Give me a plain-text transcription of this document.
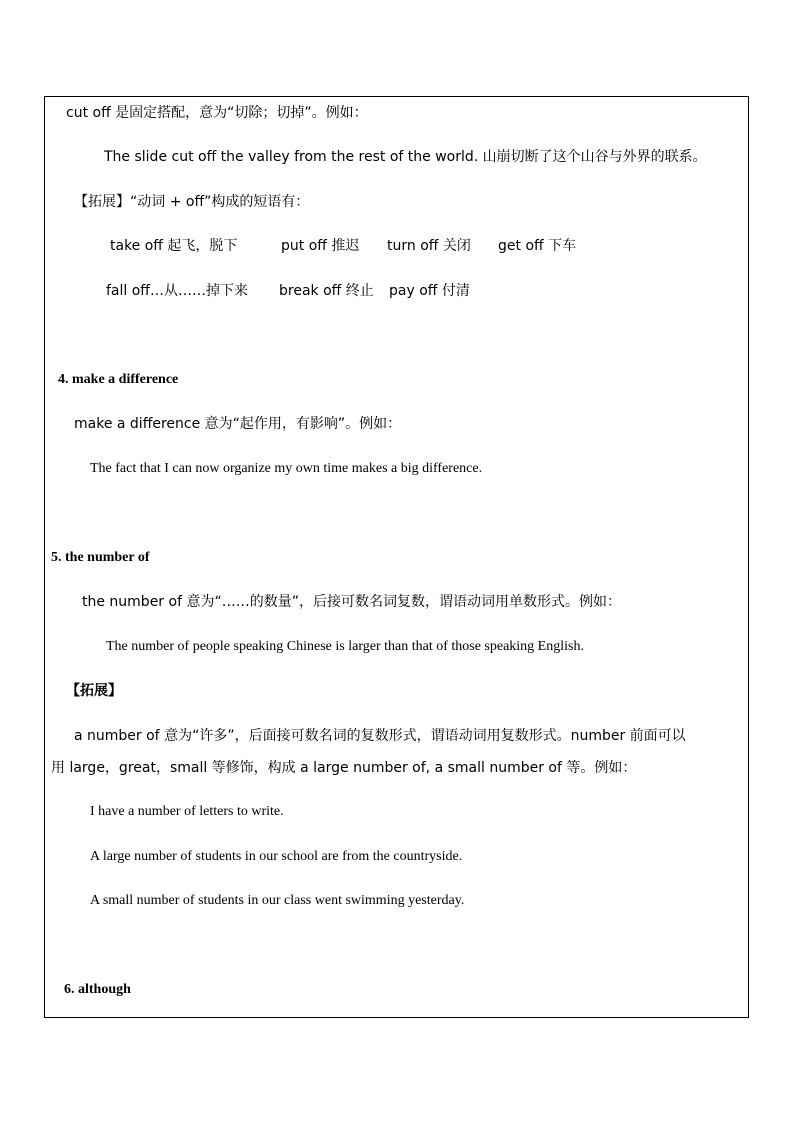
cut off 是固定搭配，意为“切除；切掉”。例如：
The slide cut off the valley from the rest of the world. 山崩切断了这个山谷与外界的联系。
【拓展】“动词 + off”构成的短语有：
take off 起飞，脱下	put off 推迟 turn off 关闭 get off 下车
fall off…从……掉下来 break off 终止 pay off 付清
4. make a difference
make a difference 意为“起作用，有影响”。例如：
The fact that I can now organize my own time makes a big difference.
5. the number of
the number of 意为“……的数量”，后接可数名词复数，谓语动词用单数形式。例如：
The number of people speaking Chinese is larger than that of those speaking English.
【拓展】
a number of 意为“许多”，后面接可数名词的复数形式，谓语动词用复数形式。number 前面可以
用 large，great，small 等修饰，构成 a large number of, a small number of 等。例如：
I have a number of letters to write.
A large number of students in our school are from the countryside.
A small number of students in our class went swimming yesterday.
6. although
